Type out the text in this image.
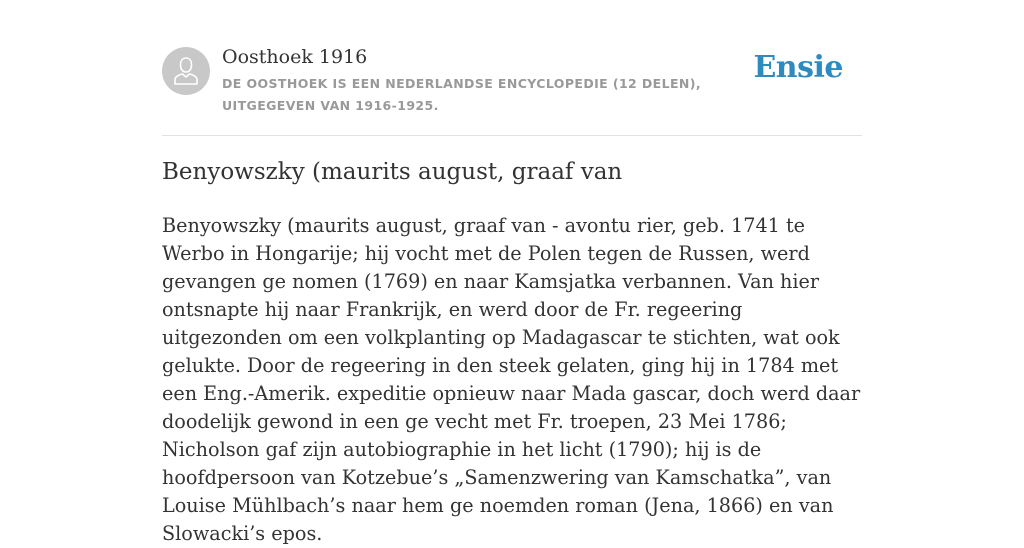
Oosthoek 1916
DE OOSTHOEK IS EEN NEDERLANDSE ENCYCLOPEDIE (12 DELEN), UITGEGEVEN VAN 1916-1925.
Ensie
Benyowszky (maurits august, graaf van

Benyowszky (maurits august, graaf van - avontu rier, geb. 1741 te Werbo in Hongarije; hij vocht met de Polen tegen de Russen, werd gevangen ge nomen (1769) en naar Kamsjatka verbannen. Van hier ontsnapte hij naar Frankrijk, en werd door de Fr. regeering uitgezonden om een volkplanting op Madagascar te stichten, wat ook gelukte. Door de regeering in den steek gelaten, ging hij in 1784 met een Eng.-Amerik. expeditie opnieuw naar Mada gascar, doch werd daar doodelijk gewond in een ge vecht met Fr. troepen, 23 Mei 1786; Nicholson gaf zijn autobiographie in het licht (1790); hij is de hoofdpersoon van Kotzebue’s „Samenzwering van Kamschatka”, van Louise Mühlbach’s naar hem ge noemden roman (Jena, 1866) en van Slowacki’s epos.
